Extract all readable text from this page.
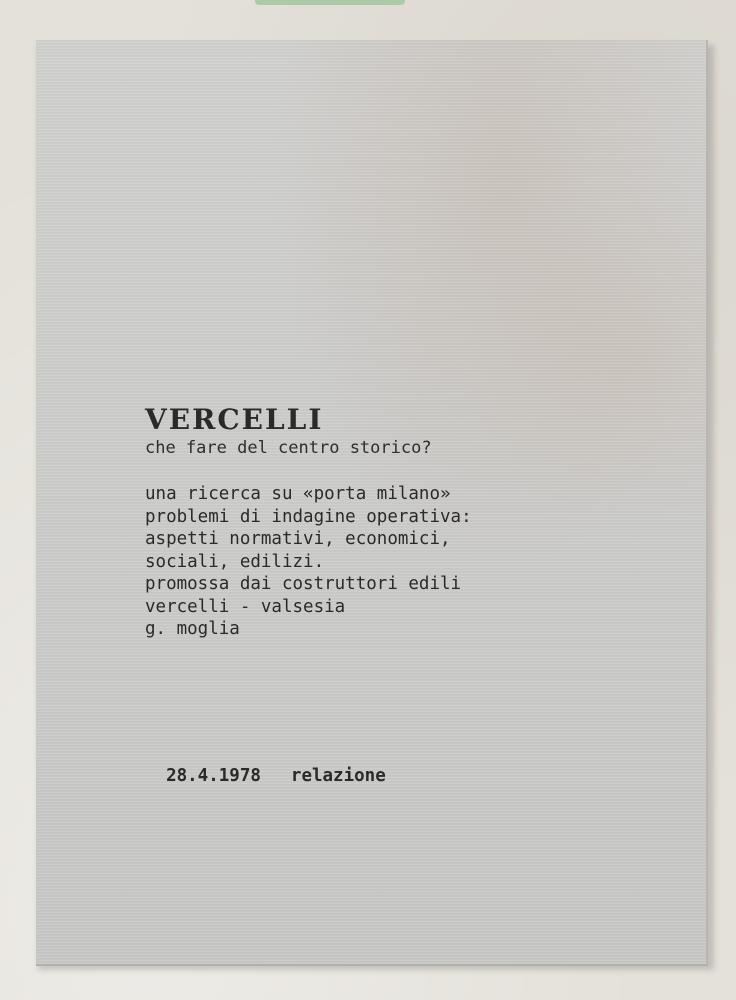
VERCELLI

che fare del centro storico?

una ricerca su «porta milano»

problemi di indagine operativa:

aspetti normativi, economici,

sociali, edilizi.

promossa dai costruttori edili

vercelli - valsesia

g. moglia

28.4.1978 relazione
